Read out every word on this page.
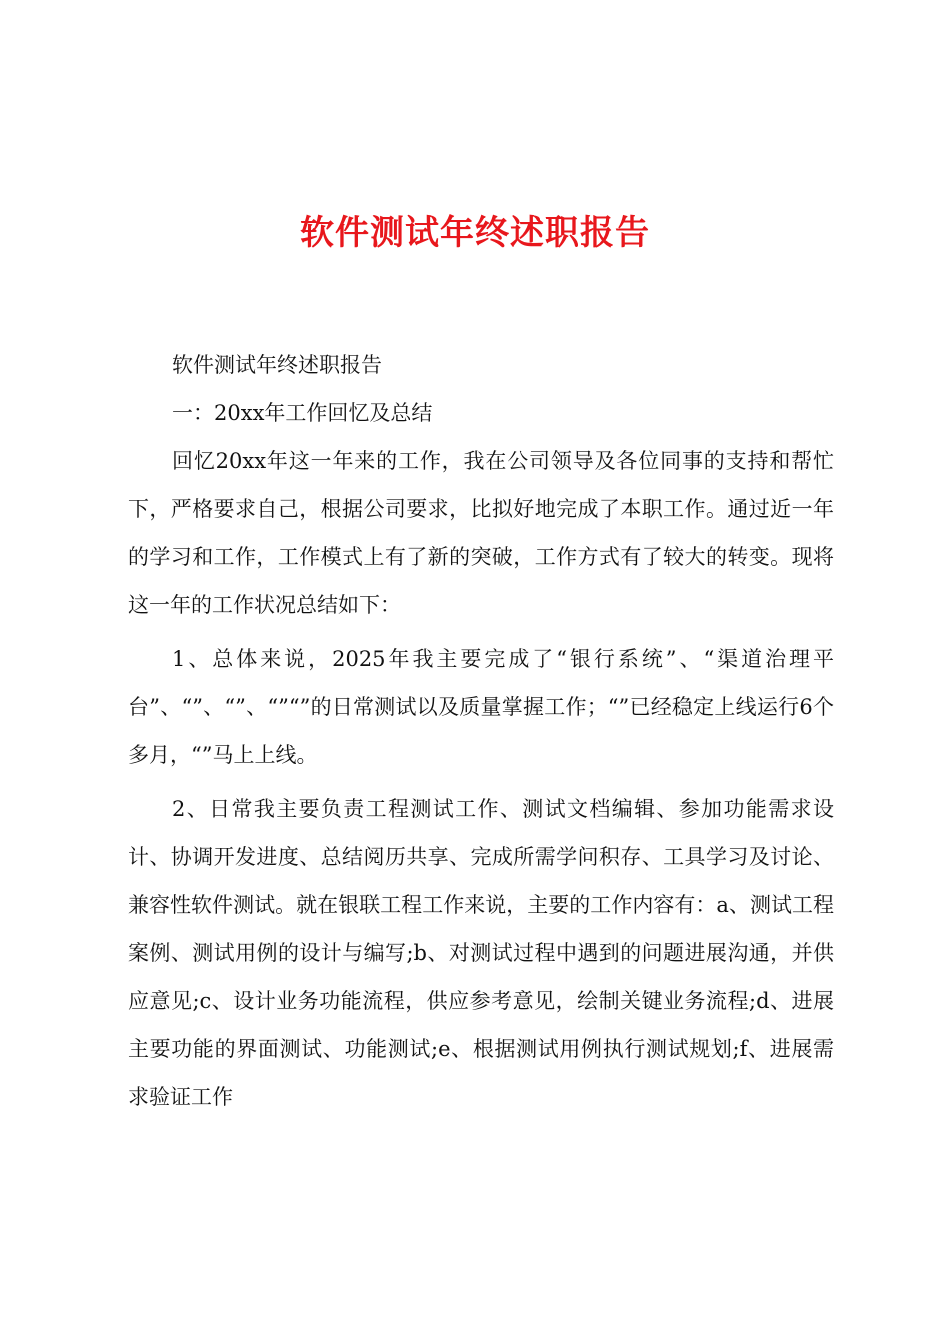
软件测试年终述职报告

软件测试年终述职报告

一：20xx年工作回忆及总结

回忆20xx年这一年来的工作，我在公司领导及各位同事的支持和帮忙下，严格要求自己，根据公司要求，比拟好地完成了本职工作。通过近一年的学习和工作，工作模式上有了新的突破，工作方式有了较大的转变。现将这一年的工作状况总结如下：

1、总体来说，2025年我主要完成了“银行系统”、“渠道治理平台”、“”、“”、“”“”的日常测试以及质量掌握工作；“”已经稳定上线运行6个多月，“”马上上线。

2、日常我主要负责工程测试工作、测试文档编辑、参加功能需求设计、协调开发进度、总结阅历共享、完成所需学问积存、工具学习及讨论、兼容性软件测试。就在银联工程工作来说，主要的工作内容有：a、测试工程案例、测试用例的设计与编写;b、对测试过程中遇到的问题进展沟通，并供应意见;c、设计业务功能流程，供应参考意见，绘制关键业务流程;d、进展主要功能的界面测试、功能测试;e、根据测试用例执行测试规划;f、进展需求验证工作
